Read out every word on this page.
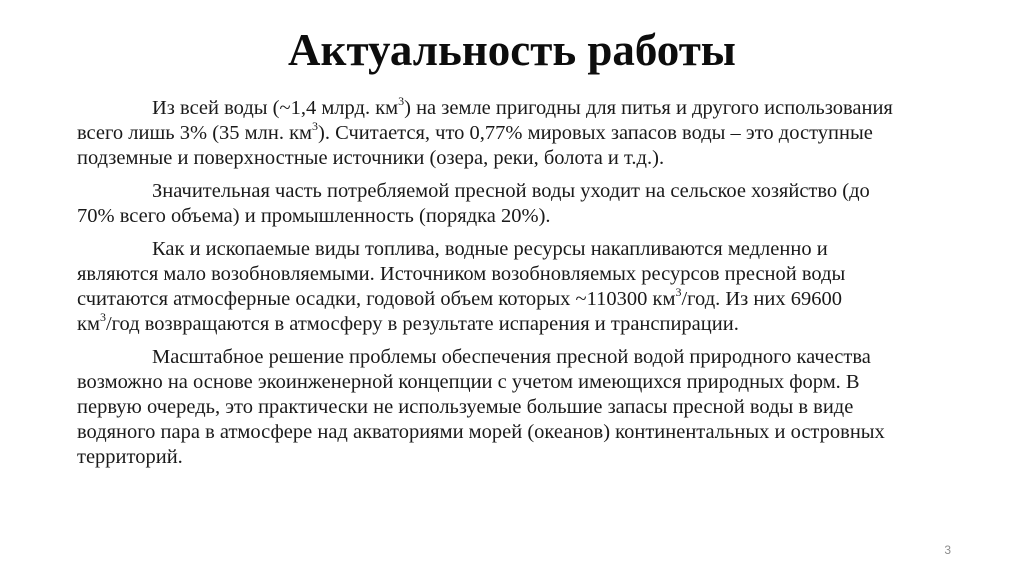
Актуальность работы

Из всей воды (~1,4 млрд. $км^3$) на земле пригодны для питья и другого использования
всего лишь 3% (35 млн. $км^3$). Считается, что 0,77% мировых запасов воды – это доступные
подземные и поверхностные источники (озера, реки, болота и т.д.).

Значительная часть потребляемой пресной воды уходит на сельское хозяйство (до
70% всего объема) и промышленность (порядка 20%).

Как и ископаемые виды топлива, водные ресурсы накапливаются медленно и
являются мало возобновляемыми. Источником возобновляемых ресурсов пресной воды
считаются атмосферные осадки, годовой объем которых ~110300 $км^3$/год. Из них 69600
$км^3$/год возвращаются в атмосферу в результате испарения и транспирации.

Масштабное решение проблемы обеспечения пресной водой природного качества
возможно на основе экоинженерной концепции с учетом имеющихся природных форм. В
первую очередь, это практически не используемые большие запасы пресной воды в виде
водяного пара в атмосфере над акваториями морей (океанов) континентальных и островных
территорий.

3
